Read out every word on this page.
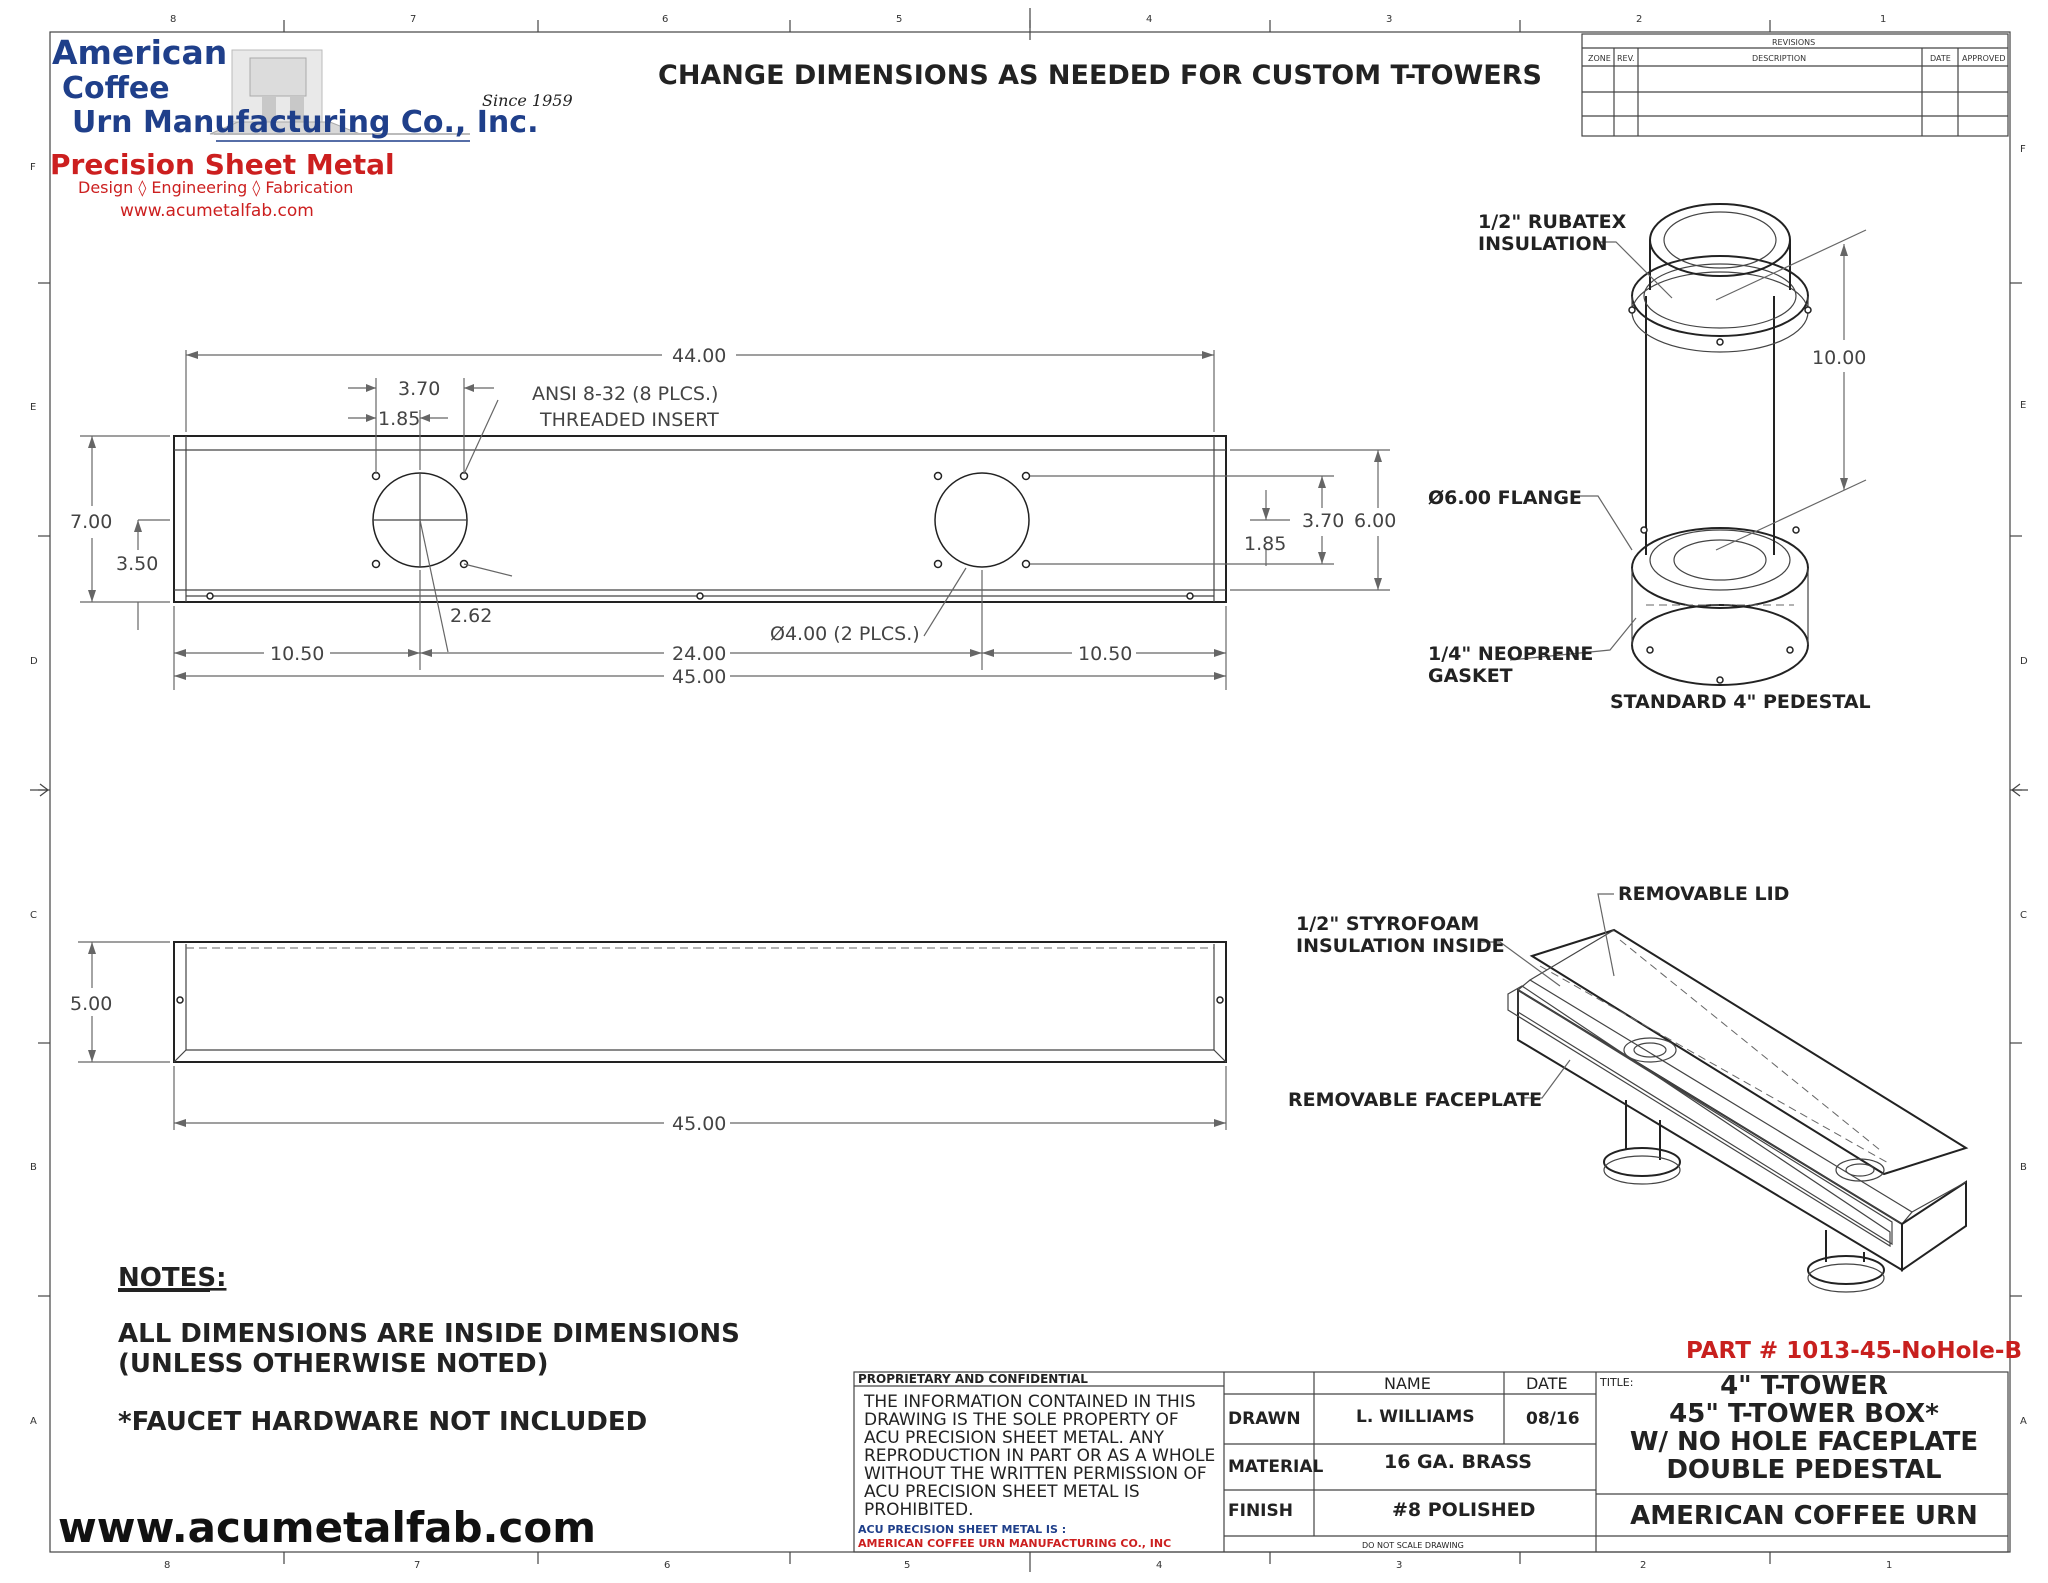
8	7	6	5	4	3	2	1
8	7	6	5	4	3	2	1
F
E
D
C
B
A
F
E
D
C
B
A
American
Coffee
Urn Manufacturing Co., Inc.
Since 1959
Precision Sheet Metal
Design ◊ Engineering ◊ Fabrication
www.acumetalfab.com
CHANGE DIMENSIONS AS NEEDED FOR CUSTOM T-TOWERS
REVISIONS
ZONE REV.	DESCRIPTION	DATE APPROVED
44.00
3.70
1.85
ANSI 8-32 (8 PLCS.)
THREADED INSERT
7.00
3.50
3.70
1.85
6.00
2.62
Ø4.00 (2 PLCS.)
10.50	24.00	10.50
45.00
5.00
45.00
10.00
1/2" RUBATEX
INSULATION
Ø6.00 FLANGE
1/4" NEOPRENE
GASKET
STANDARD 4" PEDESTAL
REMOVABLE LID
1/2" STYROFOAM
INSULATION INSIDE
REMOVABLE FACEPLATE
NOTES:
ALL DIMENSIONS ARE INSIDE DIMENSIONS
(UNLESS OTHERWISE NOTED)
*FAUCET HARDWARE NOT INCLUDED
www.acumetalfab.com
PART # 1013-45-NoHole-B
PROPRIETARY AND CONFIDENTIAL
THE INFORMATION CONTAINED IN THIS
DRAWING IS THE SOLE PROPERTY OF
ACU PRECISION SHEET METAL. ANY
REPRODUCTION IN PART OR AS A WHOLE
WITHOUT THE WRITTEN PERMISSION OF
ACU PRECISION SHEET METAL IS
PROHIBITED.
ACU PRECISION SHEET METAL IS :
AMERICAN COFFEE URN MANUFACTURING CO., INC
NAME	DATE
DRAWN	L. WILLIAMS	08/16
MATERIAL	16 GA. BRASS
FINISH	#8 POLISHED
DO NOT SCALE DRAWING
TITLE:	4" T-TOWER
45" T-TOWER BOX*
W/ NO HOLE FACEPLATE
DOUBLE PEDESTAL
AMERICAN COFFEE URN
